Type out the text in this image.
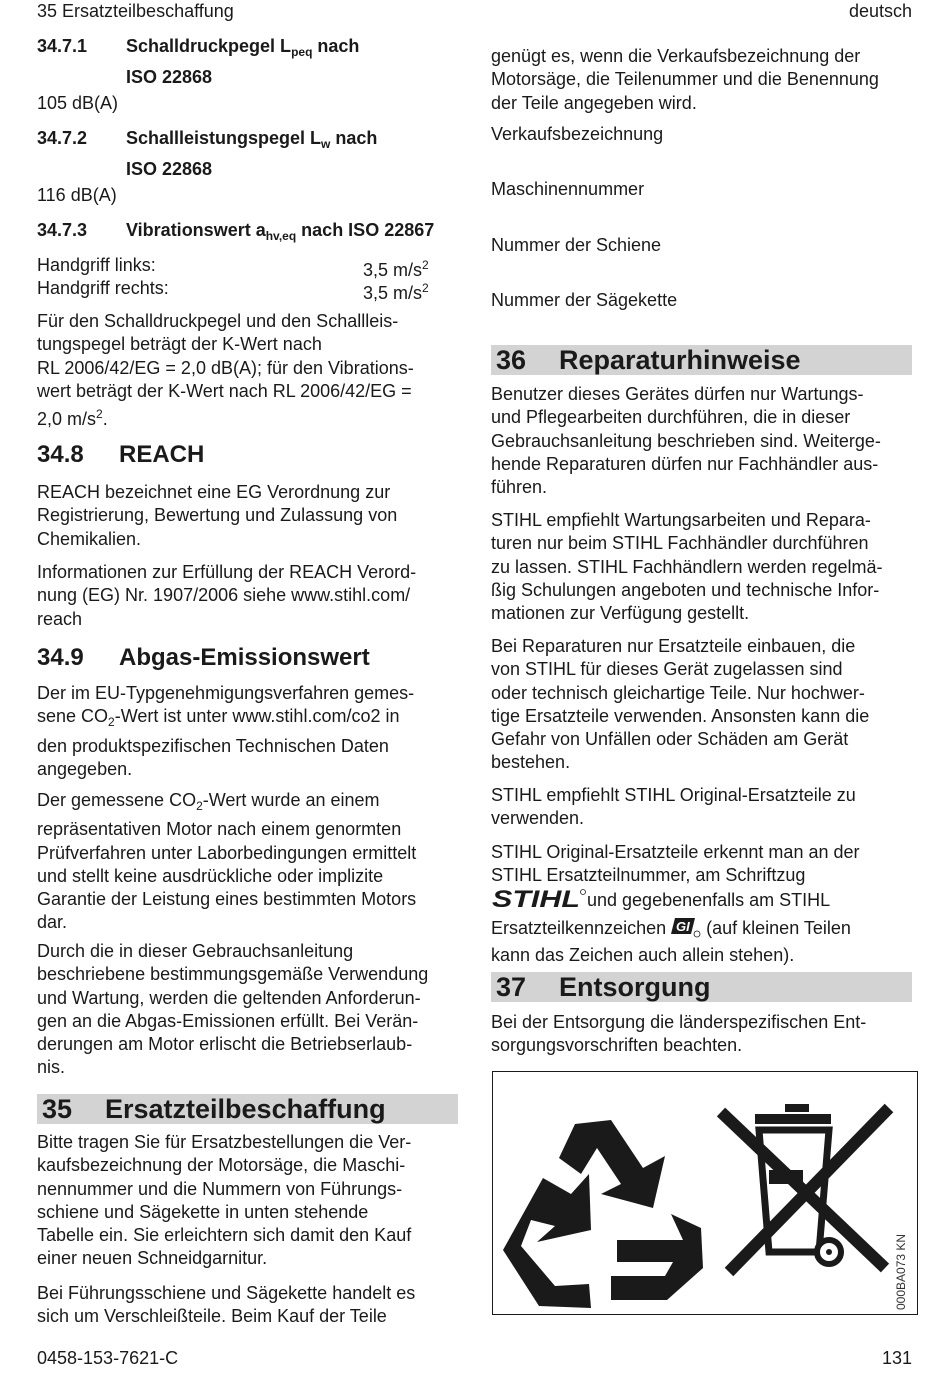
35 Ersatzteilbeschaffung	deutsch
34.7.1 Schalldruckpegel $L_{peq}$ nach
ISO 22868

105 dB(A)

34.7.2 Schallleistungspegel $L_w$ nach
ISO 22868

116 dB(A)

34.7.3 Vibrationswert $a_{hv,eq}$ nach ISO 22867
Handgriff links:	3,5 $m/s^2$
Handgriff rechts:	3,5 $m/s^2$

Für den Schalldruckpegel und den Schallleis-
tungspegel beträgt der K-Wert nach
RL 2006/42/EG = 2,0 dB(A); für den Vibrations-
wert beträgt der K-Wert nach RL 2006/42/EG =
2,0 $m/s^2$.

34.8 REACH

REACH bezeichnet eine EG Verordnung zur
Registrierung, Bewertung und Zulassung von
Chemikalien.

Informationen zur Erfüllung der REACH Verord-
nung (EG) Nr. 1907/2006 siehe www.stihl.com/
reach

34.9 Abgas-Emissionswert

Der im EU-Typgenehmigungsverfahren gemes-
sene $CO_2$-Wert ist unter www.stihl.com/co2 in
den produktspezifischen Technischen Daten
angegeben.

Der gemessene $CO_2$-Wert wurde an einem
repräsentativen Motor nach einem genormten
Prüfverfahren unter Laborbedingungen ermittelt
und stellt keine ausdrückliche oder implizite
Garantie der Leistung eines bestimmten Motors
dar.

Durch die in dieser Gebrauchsanleitung
beschriebene bestimmungsgemäße Verwendung
und Wartung, werden die geltenden Anforderun-
gen an die Abgas-Emissionen erfüllt. Bei Verän-
derungen am Motor erlischt die Betriebserlaub-
nis.

35 Ersatzteilbeschaffung

Bitte tragen Sie für Ersatzbestellungen die Ver-
kaufsbezeichnung der Motorsäge, die Maschi-
nennummer und die Nummern von Führungs-
schiene und Sägekette in unten stehende
Tabelle ein. Sie erleichtern sich damit den Kauf
einer neuen Schneidgarnitur.

Bei Führungsschiene und Sägekette handelt es
sich um Verschleißteile. Beim Kauf der Teile

genügt es, wenn die Verkaufsbezeichnung der
Motorsäge, die Teilenummer und die Benennung
der Teile angegeben wird.

Verkaufsbezeichnung

Maschinennummer

Nummer der Schiene

Nummer der Sägekette

36 Reparaturhinweise

Benutzer dieses Gerätes dürfen nur Wartungs-
und Pflegearbeiten durchführen, die in dieser
Gebrauchsanleitung beschrieben sind. Weiterge-
hende Reparaturen dürfen nur Fachhändler aus-
führen.

STIHL empfiehlt Wartungsarbeiten und Repara-
turen nur beim STIHL Fachhändler durchführen
zu lassen. STIHL Fachhändlern werden regelmä-
ßig Schulungen angeboten und technische Infor-
mationen zur Verfügung gestellt.

Bei Reparaturen nur Ersatzteile einbauen, die
von STIHL für dieses Gerät zugelassen sind
oder technisch gleichartige Teile. Nur hochwer-
tige Ersatzteile verwenden. Ansonsten kann die
Gefahr von Unfällen oder Schäden am Gerät
bestehen.

STIHL empfiehlt STIHL Original-Ersatzteile zu
verwenden.

STIHL Original-Ersatzteile erkennt man an der
STIHL Ersatzteilnummer, am Schriftzug

STIHL und gegebenenfalls am STIHL
Ersatzteilkennzeichen GI (auf kleinen Teilen
kann das Zeichen auch allein stehen).

37 Entsorgung

Bei der Entsorgung die länderspezifischen Ent-
sorgungsvorschriften beachten.

000BA073 KN
0458-153-7621-C	131
